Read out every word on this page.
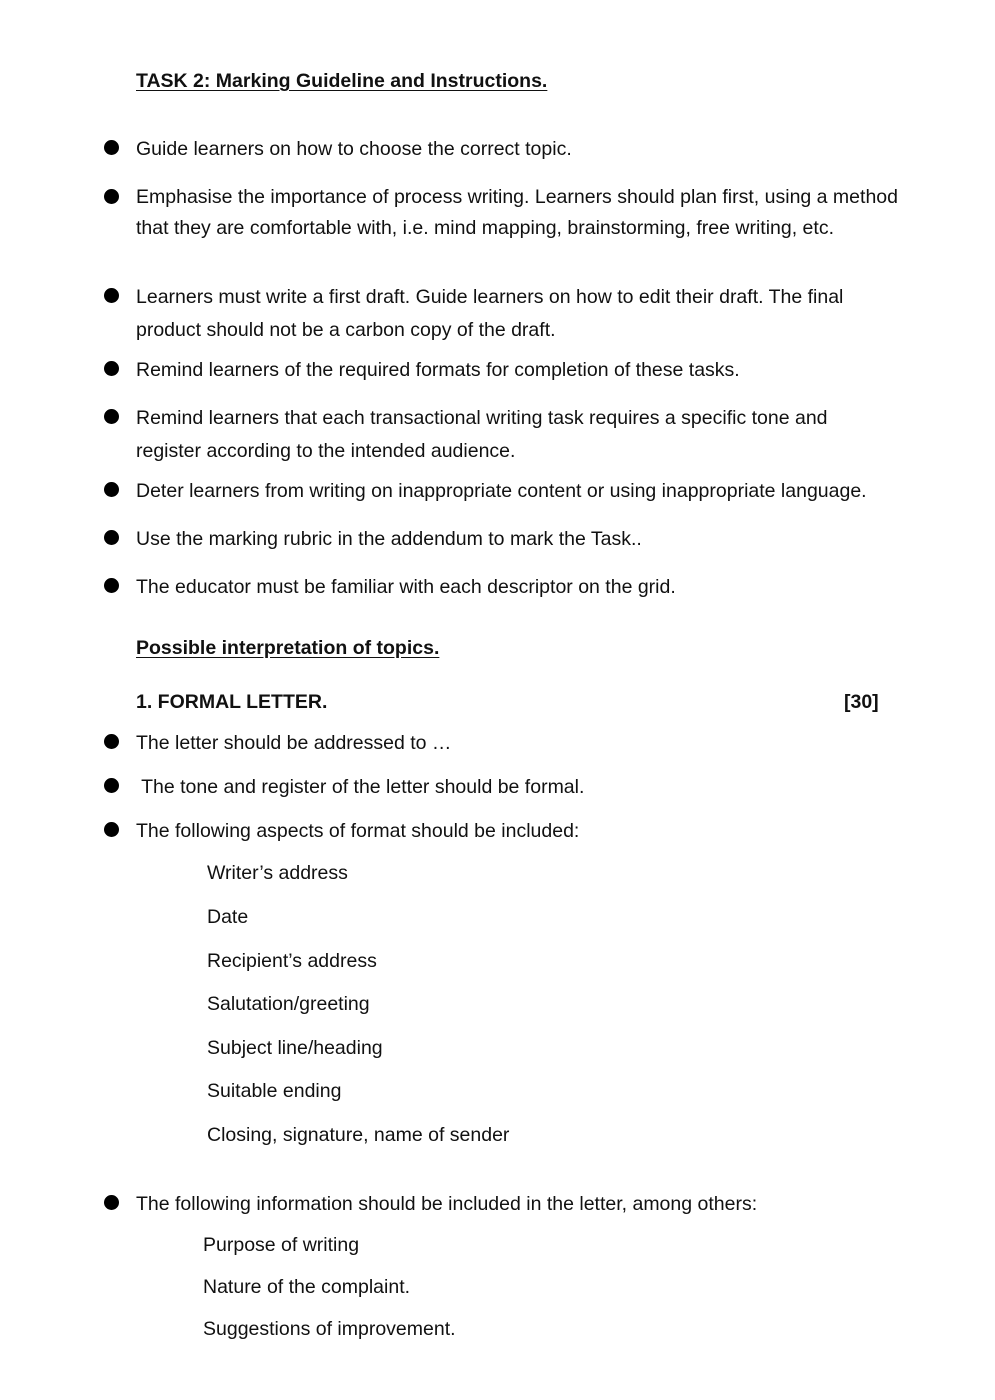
TASK 2: Marking Guideline and Instructions.

Guide learners on how to choose the correct topic.

Emphasise the importance of process writing. Learners should plan first, using a method that they are comfortable with, i.e. mind mapping, brainstorming, free writing, etc.

Learners must write a first draft. Guide learners on how to edit their draft. The final product should not be a carbon copy of the draft.

Remind learners of the required formats for completion of these tasks.

Remind learners that each transactional writing task requires a specific tone and register according to the intended audience.

Deter learners from writing on inappropriate content or using inappropriate language.

Use the marking rubric in the addendum to mark the Task..

The educator must be familiar with each descriptor on the grid.

Possible interpretation of topics.

1. FORMAL LETTER.	[30]

The letter should be addressed to …

The tone and register of the letter should be formal.

The following aspects of format should be included:

Writer’s address

Date

Recipient’s address

Salutation/greeting

Subject line/heading

Suitable ending

Closing, signature, name of sender

The following information should be included in the letter, among others:

Purpose of writing

Nature of the complaint.

Suggestions of improvement.
